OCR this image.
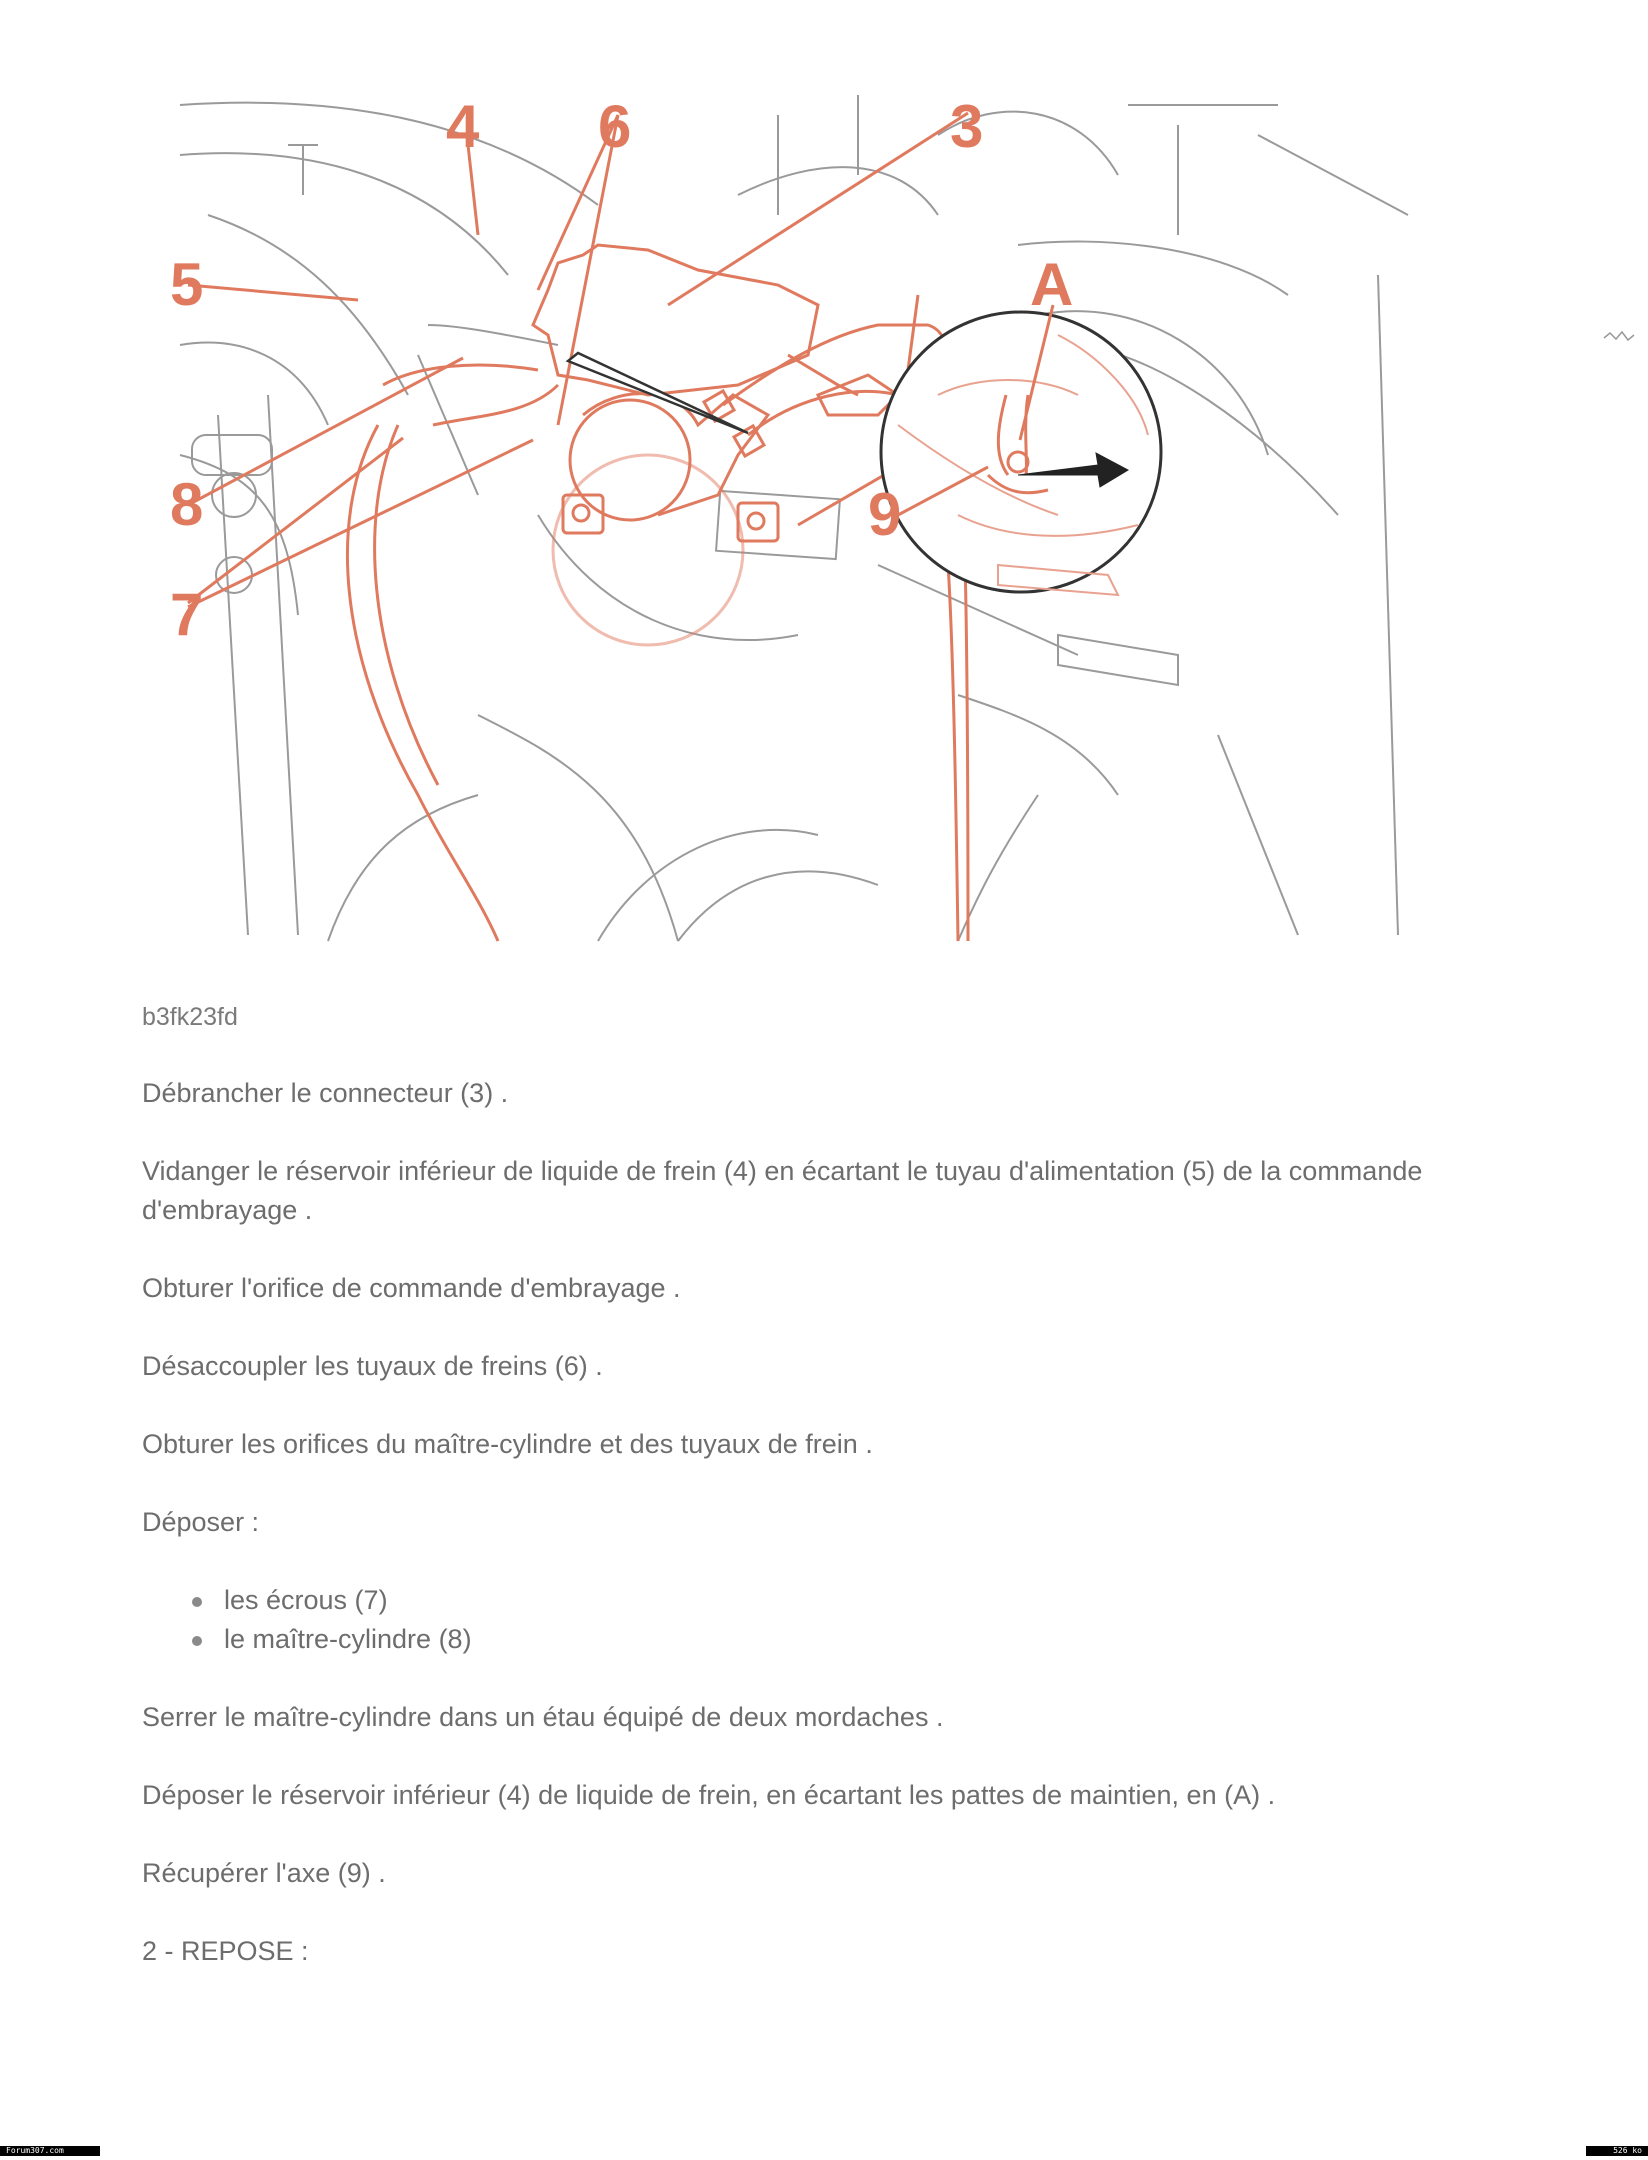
4 6	3
5
8
7
9
A

b3fk23fd

Débrancher le connecteur (3) .

Vidanger le réservoir inférieur de liquide de frein (4) en écartant le tuyau d'alimentation (5) de la commande d'embrayage .

Obturer l'orifice de commande d'embrayage .

Désaccoupler les tuyaux de freins (6) .

Obturer les orifices du maître-cylindre et des tuyaux de frein .

Déposer :

les écrous (7)
le maître-cylindre (8)

Serrer le maître-cylindre dans un étau équipé de deux mordaches .

Déposer le réservoir inférieur (4) de liquide de frein, en écartant les pattes de maintien, en (A) .

Récupérer l'axe (9) .

2 - REPOSE :

Forum307.com	526 ko
